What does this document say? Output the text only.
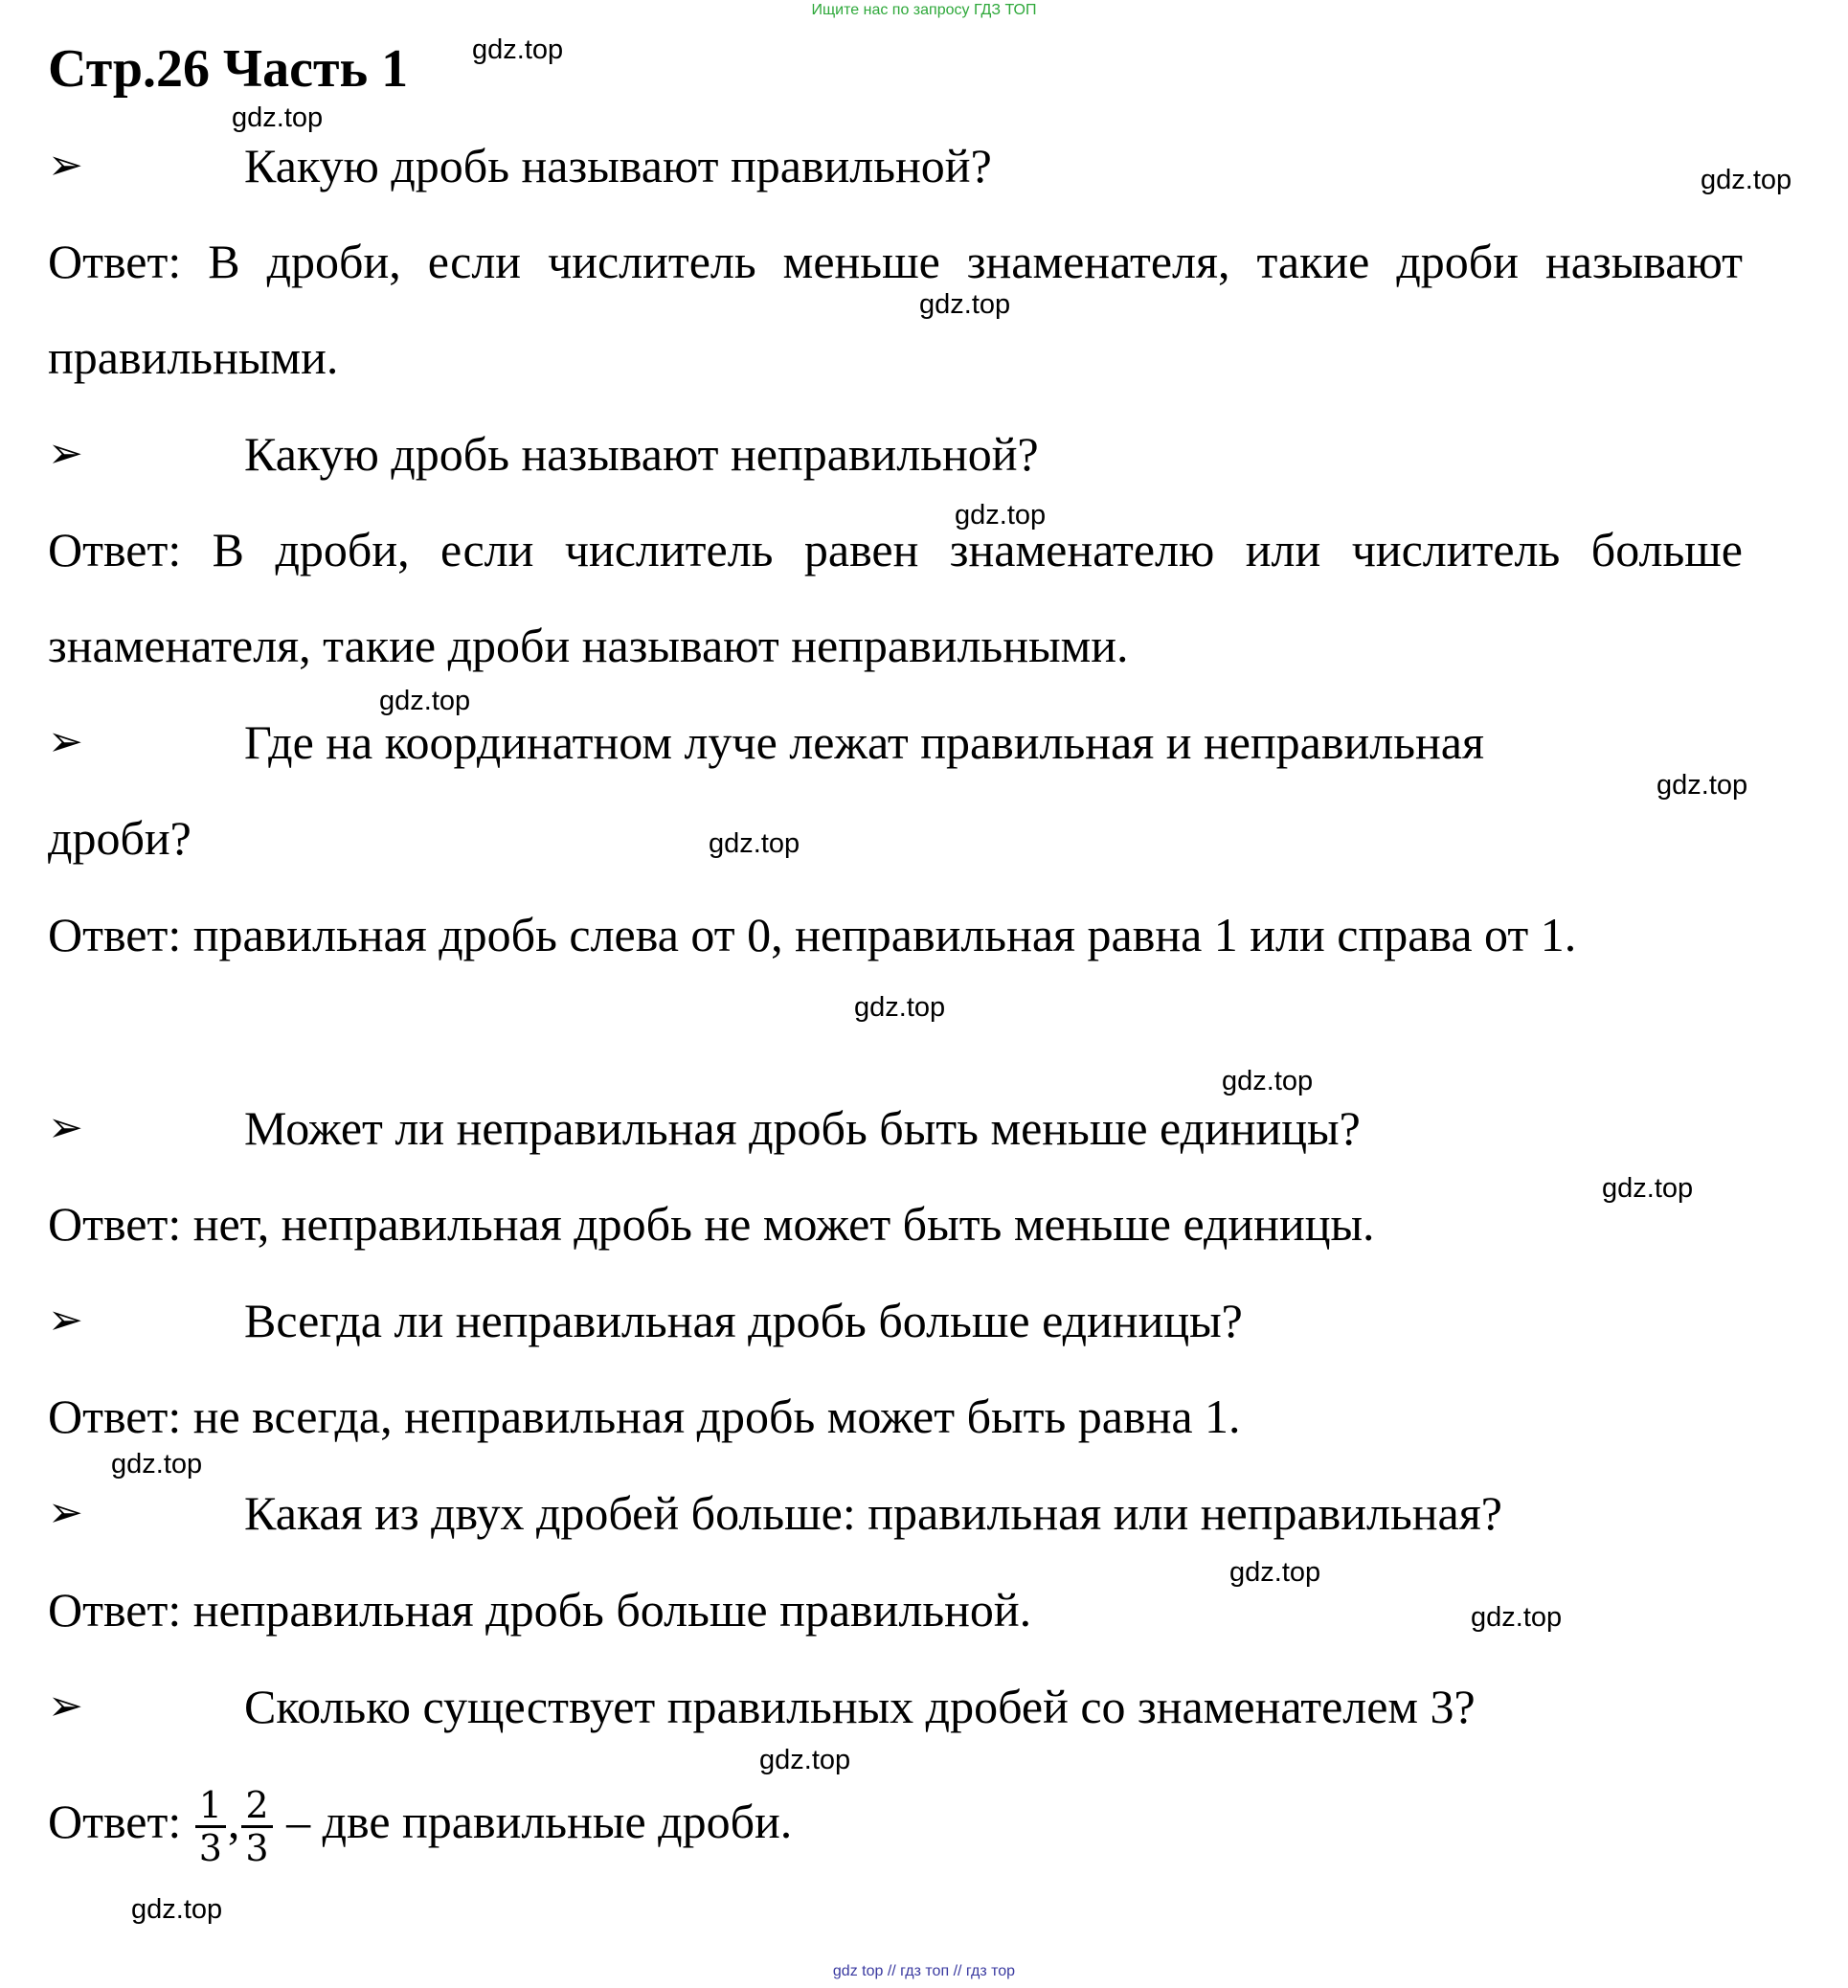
Ищите нас по запросу ГДЗ ТОП
Стр.26 Часть 1
➢	Какую дробь называют правильной?
Ответ: В дроби, если числитель меньше знаменателя, такие дроби называют правильными.
➢	Какую дробь называют неправильной?
Ответ: В дроби, если числитель равен знаменателю или числитель больше знаменателя, такие дроби называют неправильными.
➢	Где на координатном луче лежат правильная и неправильная
дроби?
Ответ: правильная дробь слева от 0, неправильная равна 1 или справа от 1.
➢	Может ли неправильная дробь быть меньше единицы?
Ответ: нет, неправильная дробь не может быть меньше единицы.
➢	Всегда ли неправильная дробь больше единицы?
Ответ: не всегда, неправильная дробь может быть равна 1.
➢	Какая из двух дробей больше: правильная или неправильная?
Ответ: неправильная дробь больше правильной.
➢	Сколько существует правильных дробей со знаменателем 3?
Ответ: $\frac{1}{3}$ , $\frac{2}{3}$ – две правильные дроби.
gdz.top
gdz.top
gdz.top
gdz.top
gdz.top
gdz.top
gdz.top
gdz.top
gdz.top
gdz.top
gdz.top
gdz.top
gdz.top
gdz.top
gdz.top
gdz.top
gdz top // гдз топ // гдз тор
